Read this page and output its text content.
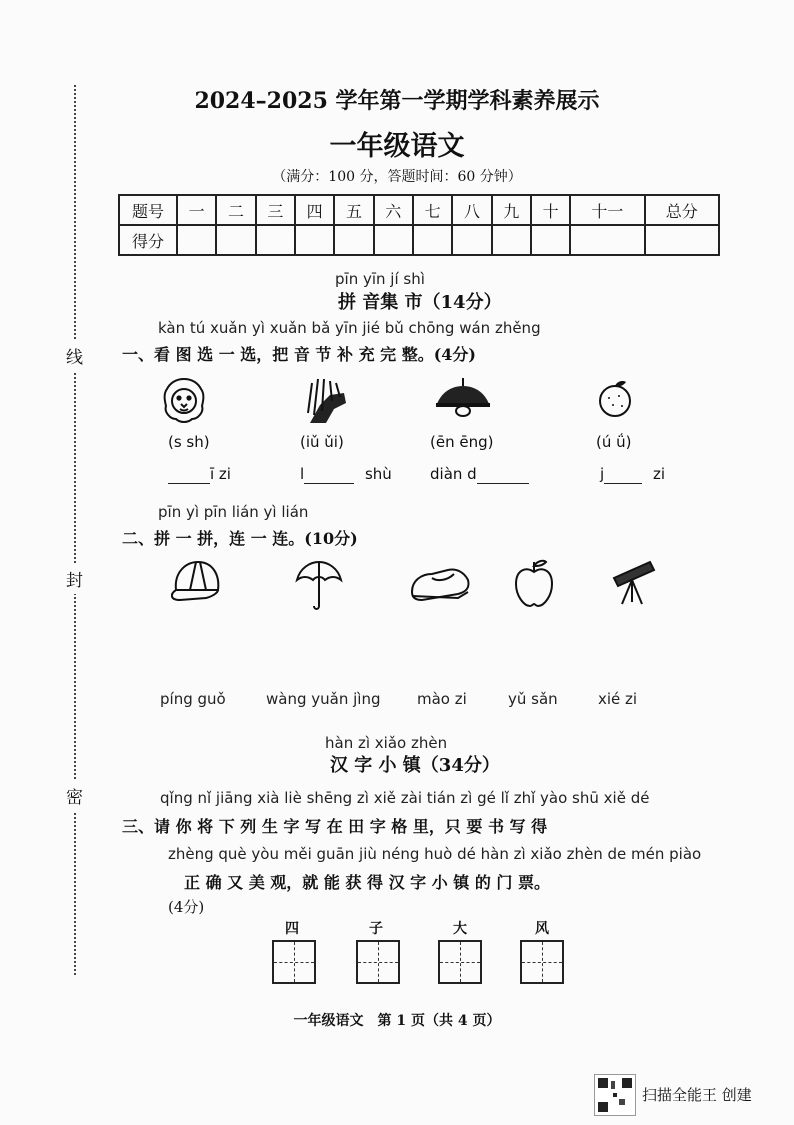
线
封
密
2024–2025 学年第一学期学科素养展示
一年级语文
（满分：100 分，答题时间：60 分钟）
题号	一	二	三	四	五	六	七	八	九	十	十一	总分
得分												
pīn yīn jí shì
拼 音集 市（14分）
kàn tú xuǎn yì xuǎn bǎ yīn jié bǔ chōng wán zhěng
一、看 图 选 一 选，把 音 节 补 充 完 整。(4分)
(s sh)	(iǔ ǔi)	(ēn ēng)	(ú ǘ)
ī zi	l	shù	diàn d	j	zi
pīn yì pīn lián yì lián
二、拼 一 拼，连 一 连。(10分)
píng guǒ	wàng yuǎn jìng mào zi	yǔ sǎn	xié zi
hàn zì xiǎo zhèn
汉 字 小 镇（34分）
qǐng nǐ jiāng xià liè shēng zì xiě zài tián zì gé lǐ zhǐ yào shū xiě dé
三、请 你 将 下 列 生 字 写 在 田 字 格 里，只 要 书 写 得
zhèng què yòu měi guān jiù néng huò dé hàn zì xiǎo zhèn de mén piào
正 确 又 美 观，就 能 获 得 汉 字 小 镇 的 门 票。
(4分)
四	子	大	风
一年级语文　第 1 页（共 4 页）
扫描全能王 创建
